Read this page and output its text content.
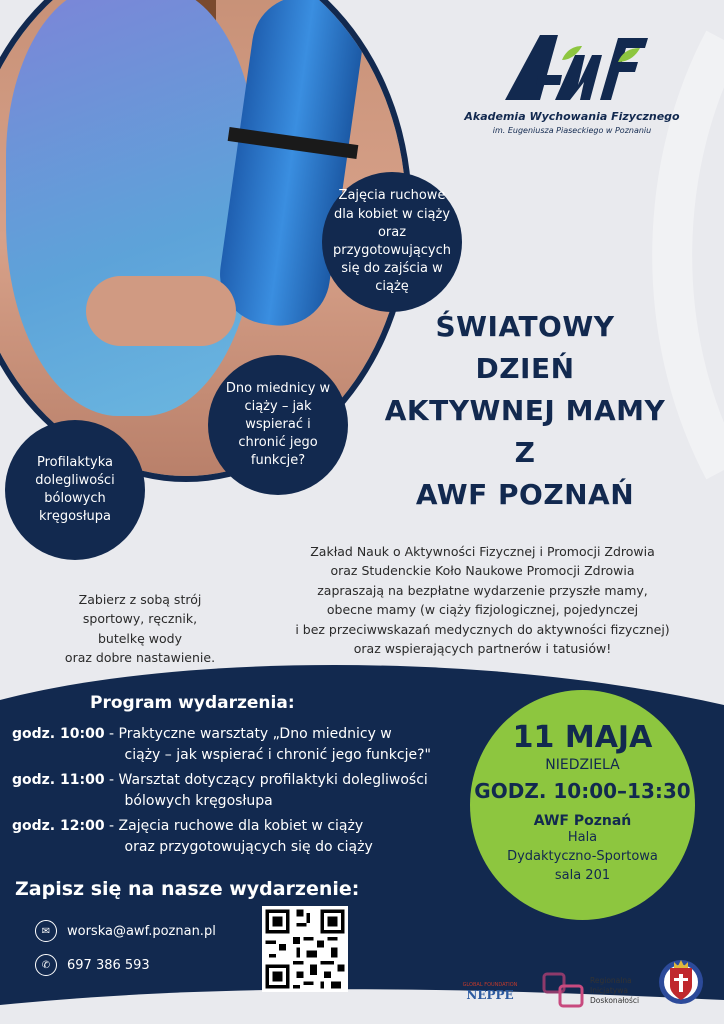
Zajęcia ruchowe dla kobiet w ciąży oraz przygotowujących się do zajścia w ciążę
Dno miednicy w ciąży – jak wspierać i chronić jego funkcje?
Profilaktyka dolegliwości bólowych kręgosłupa
Akademia Wychowania Fizycznego
im. Eugeniusza Piaseckiego w Poznaniu
ŚWIATOWY
DZIEŃ
AKTYWNEJ MAMY
Z
AWF POZNAŃ
Zakład Nauk o Aktywności Fizycznej i Promocji Zdrowia
oraz Studenckie Koło Naukowe Promocji Zdrowia
zapraszają na bezpłatne wydarzenie przyszłe mamy,
obecne mamy (w ciąży fizjologicznej, pojedynczej
i bez przeciwwskazań medycznych do aktywności fizycznej)
oraz wspierających partnerów i tatusiów!
Zabierz z sobą strój
sportowy, ręcznik,
butelkę wody
oraz dobre nastawienie.
Program wydarzenia:
godz. 10:00 - Praktyczne warsztaty „Dno miednicy w
ciąży – jak wspierać i chronić jego funkcje?"
godz. 11:00 - Warsztat dotyczący profilaktyki dolegliwości
bólowych kręgosłupa
godz. 12:00 - Zajęcia ruchowe dla kobiet w ciąży
oraz przygotowujących się do ciąży
11 MAJA
NIEDZIELA
GODZ. 10:00–13:30
AWF Poznań
Hala
Dydaktyczno-Sportowa
sala 201
Zapisz się na nasze wydarzenie:
✉	worska@awf.poznan.pl
✆	697 386 593
GLOBAL FOUNDATION
NEPPE
Regionalna
Inicjatywa
Doskonałości
